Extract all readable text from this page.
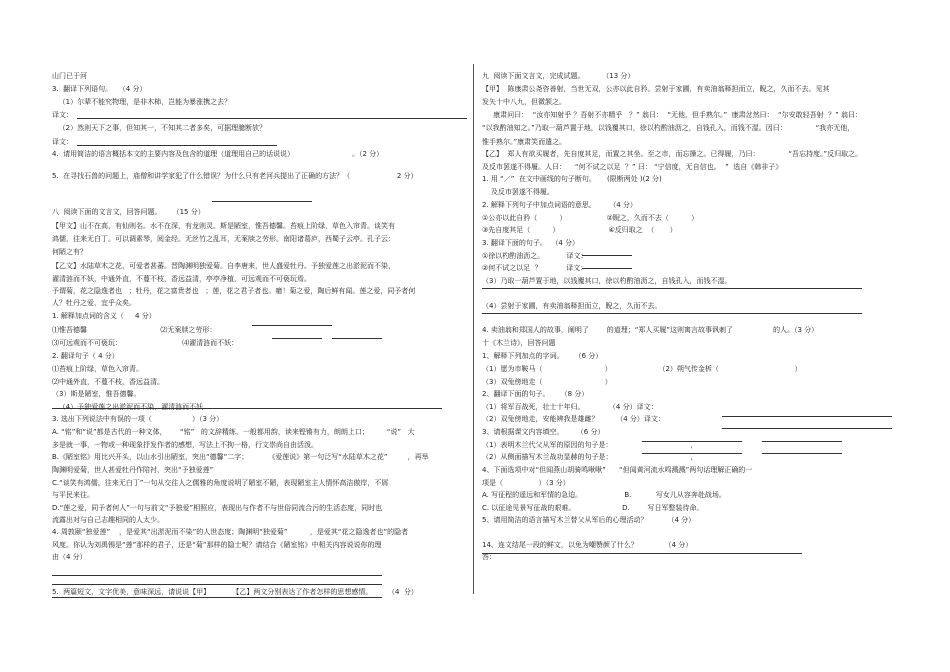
山门已于河
3.  翻译下列语句。   （4 分）
（1）尔辈不能究物理，是非木柿，岂能为暴涨携之去？
译文：
（2）然则天下之事，但知其一，不知其二者多矣，可据理臆断欤？
译文：
4.  请用简洁的语言概括本文的主要内容及包含的道理（道理用自己的话说说）                          。（2 分）
5.  在寻找石兽的问题上，庙僧和讲学家犯了什么错误？为什么只有老河兵提出了正确的方法？（                     2 分）
八  阅读下面的文言文，回答问题。     （15 分）
【甲文】山不在高，有仙则名。水不在深，有龙则灵。斯是陋室，惟吾德馨。苔痕上阶绿，草色入帘青。谈笑有
鸿儒，往来无白丁。可以调素琴，阅金经。无丝竹之乱耳，无案牍之劳形。南阳诸葛庐，西蜀子云亭。孔子云：
何陋之有？
【乙文】水陆草木之花，可爱者甚蕃。晋陶渊明独爱菊。自李唐来，世人盛爱牡丹。予独爱莲之出淤泥而不染，
濯清涟而不妖，中通外直，不蔓不枝，香远益清，亭亭净植，可远观而不可亵玩焉。
予谓菊，花之隐逸者也   ；牡丹，花之富贵者也   ；莲，花之君子者也。噫！菊之爱，陶后鲜有闻。莲之爱，同予者何
人？牡丹之爱，宜乎众矣。
1. 解释加点词的含义（     4 分）
⑴惟吾德馨                                 ⑵无案牍之劳形：
⑶可远观而不可亵玩：                           ⑷濯清涟而不妖：
2. 翻译句子（ 4 分）
⑴苔痕上阶绿，草色入帘青。
⑵中通外直，不蔓不枝，香远益清。
（3）斯是陋室，惟吾德馨。
（4）予独爱莲之出淤泥而不染，濯清涟而不妖
3. 选出下列说法中有误的一项（                  ）（3 分）
A. “铭”和“说”都是古代的一种文体，      “铭”   的文辞精练，一般都用韵，读来铿锵有力，朗朗上口；        “说”   大
多是就一事，一物或一种现象抒发作者的感想，写法上不拘一格，行文崇尚自由活泼。
B.《陋室铭》用比兴开头，以山水引出陋室，突出“德馨”二字；         《爱莲说》第一句泛写“水陆草木之花”         ，再举
陶渊明爱菊，世人甚爱牡丹作陪衬，突出“予独爱莲”
C.“谈笑有鸿儒，往来无白丁”一句从交往人之儒雅的角度说明了陋室不陋，表现陋室主人情怀高洁傲岸，不屑
与平民来往。
D.“莲之爱，同予者何人”一句与前文“予独爱”相照应，表现出与作者不与世俗同流合污的生活态度，同时也
流露出对与自己志趣相同的人太少。
4. 周敦颐“独爱莲”    ，是爱其“出淤泥而不染”的人世态度；陶渊明“独爱菊”          ，是爱其“花之隐逸者也”的隐者
风度。你认为刘禹锡是“莲”那样的君子，还是“菊”那样的隐士呢？请结合《陋室铭》中相关内容说说你的理
由（4 分）
5.  两篇短文，文字优美，意味深远，请说说【甲】          【乙】两文分别表达了作者怎样的思想感情。       （4  分）
九  阅读下面文言文，完成试题。        （13 分）
【甲】  陈康肃公尧咨善射，当世无双，公亦以此自矜。尝射于家圃，有卖油翁释担而立，睨之，久而不去。见其
发矢十中八九，但微颔之。
康肃问曰：  “汝亦知射乎 ？吾射不亦精乎   ？” 翁曰：  “无他，但手熟尔。”  康肃忿然曰：  “尔安敢轻吾射  ？” 翁曰：
“以我酌油知之。”乃取一葫芦置于地，以钱覆其口，徐以杓酌油沥之，自钱孔入，而钱不湿。因曰：             “我亦无他，
惟手熟尔。”康肃笑而遣之。
【乙】  郑人有欲买履者，先自度其足，而置之其坐。至之市，而忘操之。已得履，乃曰：             “吾忘持度。”反归取之。
及反市罢遂不得履。人曰：    “何不试之以足  ？” 曰： “宁信度，无自信也。  ”  选自《韩非子》
1. 用 “／”  在文中画线的句子断句。     (限断两处 )(2 分)
及反市罢遂不得履。
2. 解释下列句子中加点词语的意思。      （4 分）
①公亦以此自矜（          ）                  ②睨之，久而不去（          ）
③先自度其足（          ）                      ④反归取之  （       ）
3. 翻译下面的句子。  （4 分）
①徐以杓酌油沥之。          译文：
②何不试之以足  ？           译文：
（3）乃取一葫芦置于地，以钱覆其口，徐以杓酌油沥之，自钱孔入，而钱不湿。
（4）尝射于家圃，有卖油翁释担而立，睨之，久而不去。
4. 卖油翁和郑国人的故事，阐明了        的道理；“郑人买履”这则寓言故事讽刺了                  的人。（3 分）
十《木兰诗》，回答问题
1、解释下列加点的字词。     （6 分）
（1）愿为市鞍马（                            ）                     （2）朔气传金柝（                                  ）
（3）双兔傍地走（                            ）
2、翻译下面的句子。     （8 分）
（1）将军百战死，壮士十年归。           （4 分）译文：
（2）双兔傍地走，安能辨我是雄雌？        （4 分）译文：
3、请根据课文内容填空。      （6 分）
（1）表明木兰代父从军的原因的句子是：                                   ，
（2）从侧面描写木兰战功显赫的句子是：                                   ，
4、下面选项中对“但闻燕山胡骑鸣啾啾”      “但闻黄河流水鸣溅溅”两句话理解正确的一
项是（                ）（3 分）
A. 写征程的遥远和军情的急迫。                   B.           写女儿从容奔赴战场。
C. 以征途见景写征战的艰难。                     D.        写日军整装待命。
5、请用简洁的语言描写木兰替父从军后的心理活动？         （4 分）
14、连文结尾一段的鲜文，以免为嘲赞颜了什么？            （4 分）
答：
